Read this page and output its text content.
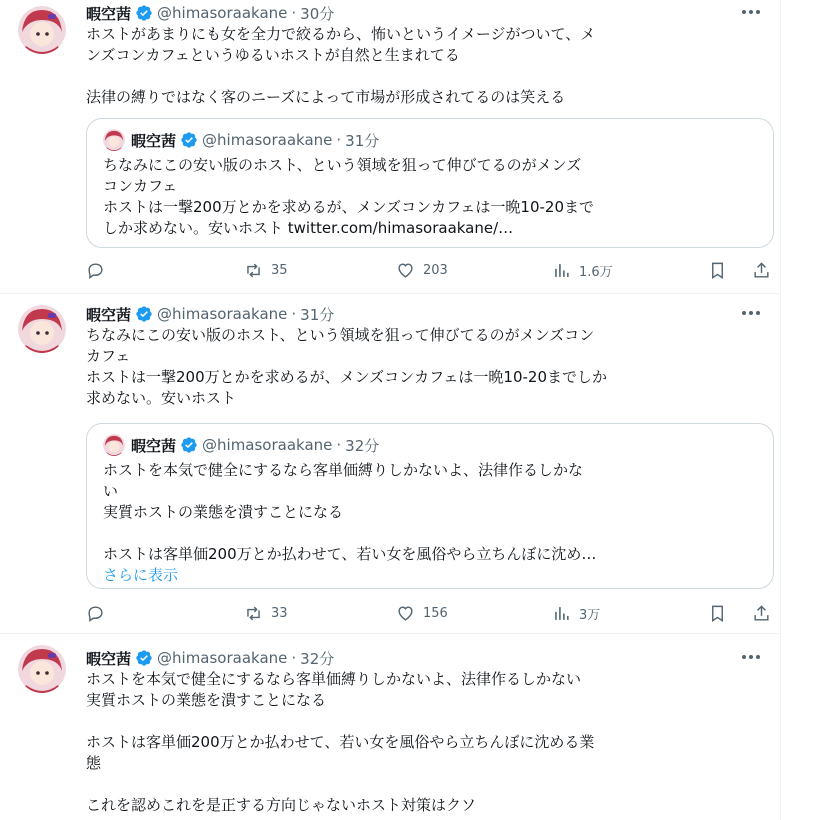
暇空茜 @himasoraakane · 30分
ホストがあまりにも女を全力で絞るから、怖いというイメージがついて、メ
ンズコンカフェというゆるいホストが自然と生まれてる
法律の縛りではなく客のニーズによって市場が形成されてるのは笑える
暇空茜 @himasoraakane · 31分
ちなみにこの安い版のホスト、という領域を狙って伸びてるのがメンズ
コンカフェ
ホストは一撃200万とかを求めるが、メンズコンカフェは一晩10-20まで
しか求めない。安いホスト twitter.com/himasoraakane/…
35	203	1.6万
暇空茜 @himasoraakane · 31分
ちなみにこの安い版のホスト、という領域を狙って伸びてるのがメンズコン
カフェ
ホストは一撃200万とかを求めるが、メンズコンカフェは一晩10-20までしか
求めない。安いホスト
暇空茜 @himasoraakane · 32分
ホストを本気で健全にするなら客単価縛りしかないよ、法律作るしかな
い
実質ホストの業態を潰すことになる
ホストは客単価200万とか払わせて、若い女を風俗やら立ちんぼに沈め…
さらに表示
33	156	3万
暇空茜 @himasoraakane · 32分
ホストを本気で健全にするなら客単価縛りしかないよ、法律作るしかない
実質ホストの業態を潰すことになる
ホストは客単価200万とか払わせて、若い女を風俗やら立ちんぼに沈める業
態
これを認めこれを是正する方向じゃないホスト対策はクソ
